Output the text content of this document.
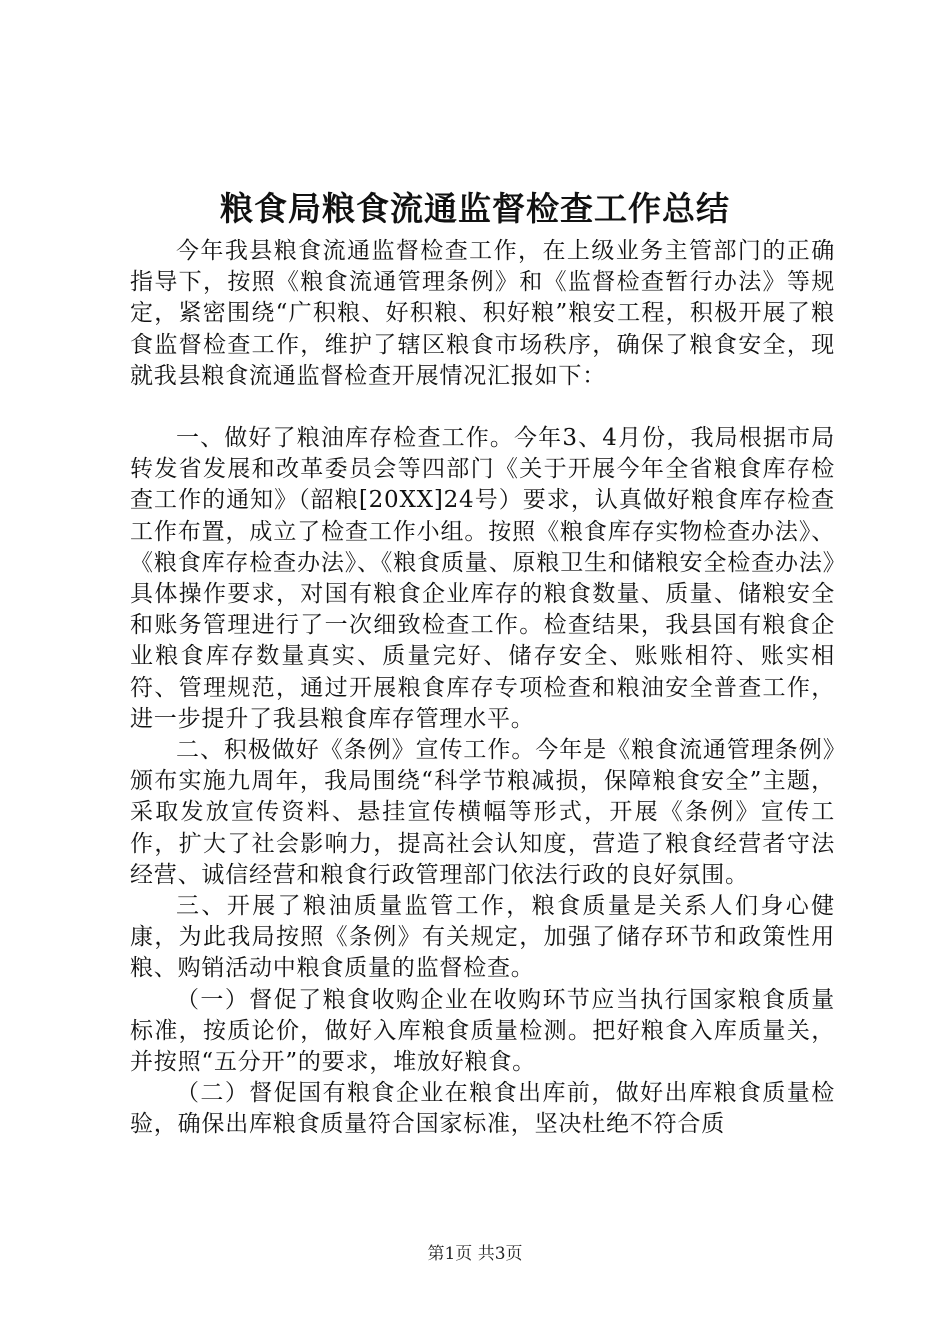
粮食局粮食流通监督检查工作总结

今年我县粮食流通监督检查工作，在上级业务主管部门的正确指导下，按照《粮食流通管理条例》和《监督检查暂行办法》等规定，紧密围绕“广积粮、好积粮、积好粮”粮安工程，积极开展了粮食监督检查工作，维护了辖区粮食市场秩序，确保了粮食安全，现就我县粮食流通监督检查开展情况汇报如下：

一、做好了粮油库存检查工作。今年3、4月份，我局根据市局转发省发展和改革委员会等四部门《关于开展今年全省粮食库存检查工作的通知》（韶粮[20XX]24号）要求，认真做好粮食库存检查工作布置，成立了检查工作小组。按照《粮食库存实物检查办法》、《粮食库存检查办法》、《粮食质量、原粮卫生和储粮安全检查办法》具体操作要求，对国有粮食企业库存的粮食数量、质量、储粮安全和账务管理进行了一次细致检查工作。检查结果，我县国有粮食企业粮食库存数量真实、质量完好、储存安全、账账相符、账实相符、管理规范，通过开展粮食库存专项检查和粮油安全普查工作，进一步提升了我县粮食库存管理水平。

二、积极做好《条例》宣传工作。今年是《粮食流通管理条例》颁布实施九周年，我局围绕“科学节粮减损，保障粮食安全”主题，采取发放宣传资料、悬挂宣传横幅等形式，开展《条例》宣传工作，扩大了社会影响力，提高社会认知度，营造了粮食经营者守法经营、诚信经营和粮食行政管理部门依法行政的良好氛围。

三、开展了粮油质量监管工作，粮食质量是关系人们身心健康，为此我局按照《条例》有关规定，加强了储存环节和政策性用粮、购销活动中粮食质量的监督检查。

（一）督促了粮食收购企业在收购环节应当执行国家粮食质量标准，按质论价，做好入库粮食质量检测。把好粮食入库质量关，并按照“五分开”的要求，堆放好粮食。

（二）督促国有粮食企业在粮食出库前，做好出库粮食质量检验，确保出库粮食质量符合国家标准，坚决杜绝不符合质

第1页 共3页
